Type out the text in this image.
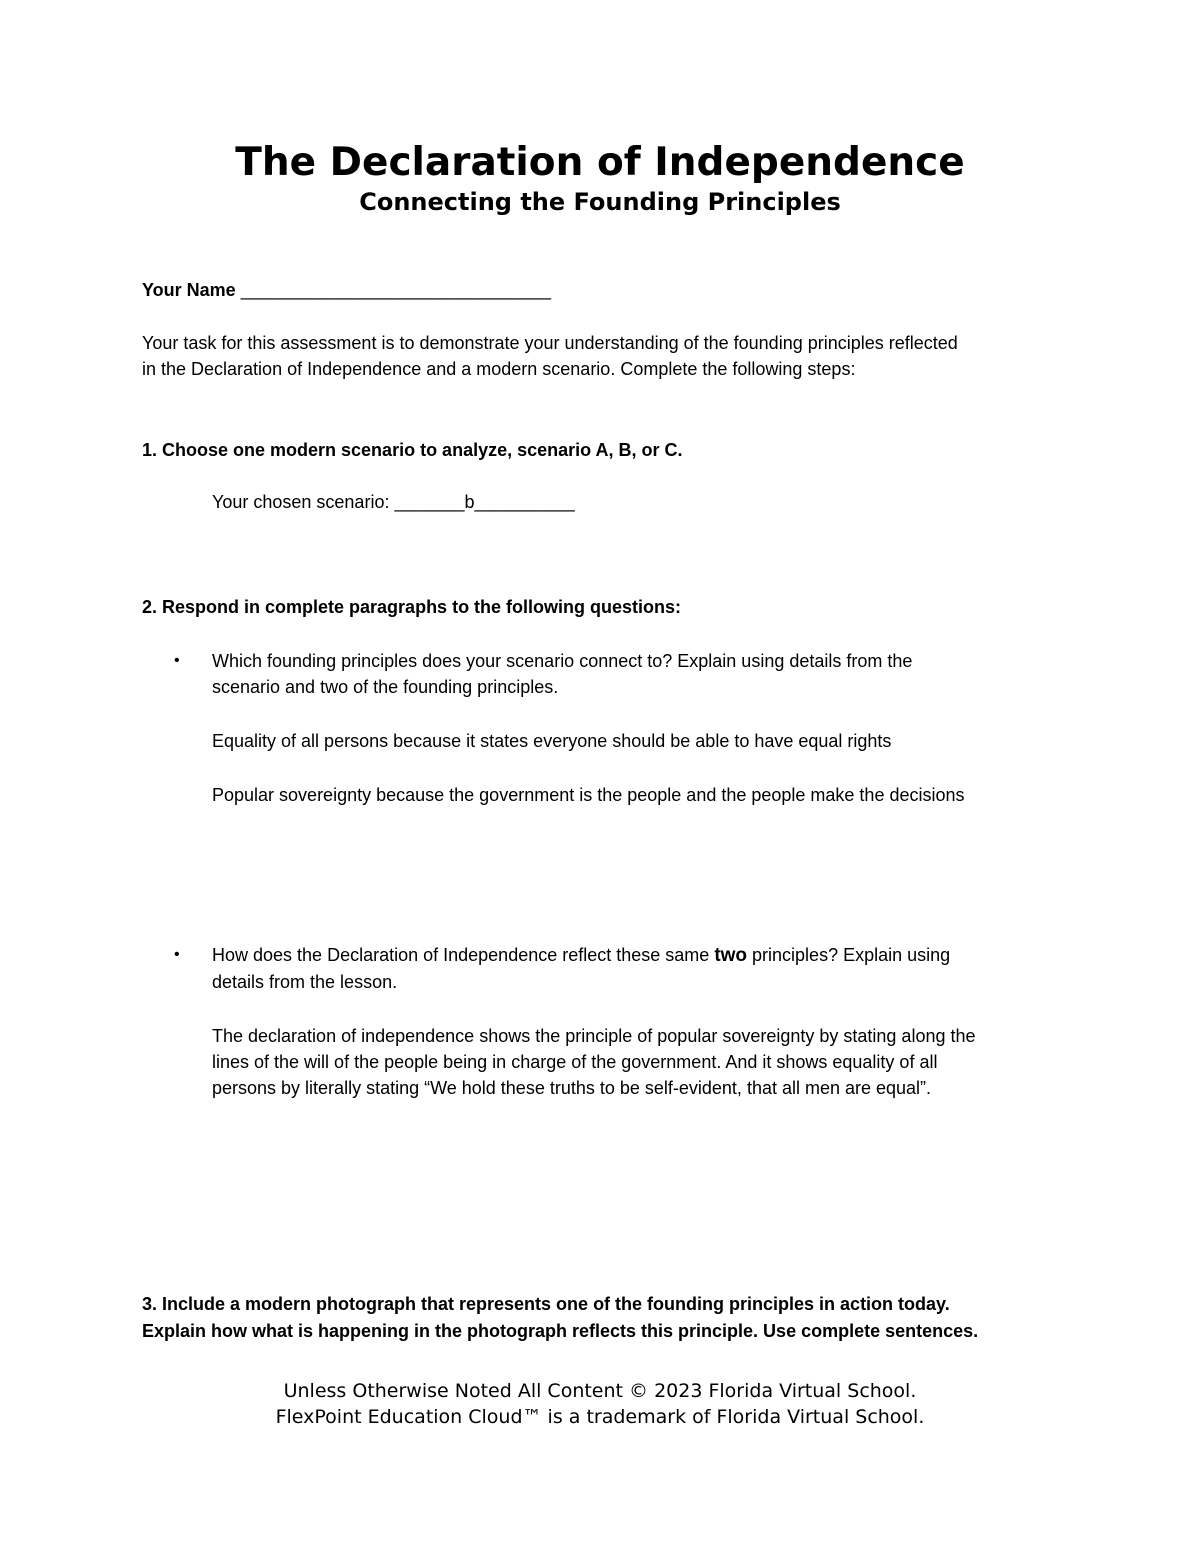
The Declaration of Independence
Connecting the Founding Principles
Your Name _______________________________
Your task for this assessment is to demonstrate your understanding of the founding principles reflected
in the Declaration of Independence and a modern scenario. Complete the following steps:
1. Choose one modern scenario to analyze, scenario A, B, or C.
Your chosen scenario: _______b__________
2. Respond in complete paragraphs to the following questions:
• Which founding principles does your scenario connect to? Explain using details from the
scenario and two of the founding principles.
Equality of all persons because it states everyone should be able to have equal rights
Popular sovereignty because the government is the people and the people make the decisions
• How does the Declaration of Independence reflect these same two principles? Explain using
details from the lesson.
The declaration of independence shows the principle of popular sovereignty by stating along the
lines of the will of the people being in charge of the government. And it shows equality of all
persons by literally stating “We hold these truths to be self-evident, that all men are equal”.
3. Include a modern photograph that represents one of the founding principles in action today.
Explain how what is happening in the photograph reflects this principle. Use complete sentences.
Unless Otherwise Noted All Content © 2023 Florida Virtual School.
FlexPoint Education Cloud™ is a trademark of Florida Virtual School.
